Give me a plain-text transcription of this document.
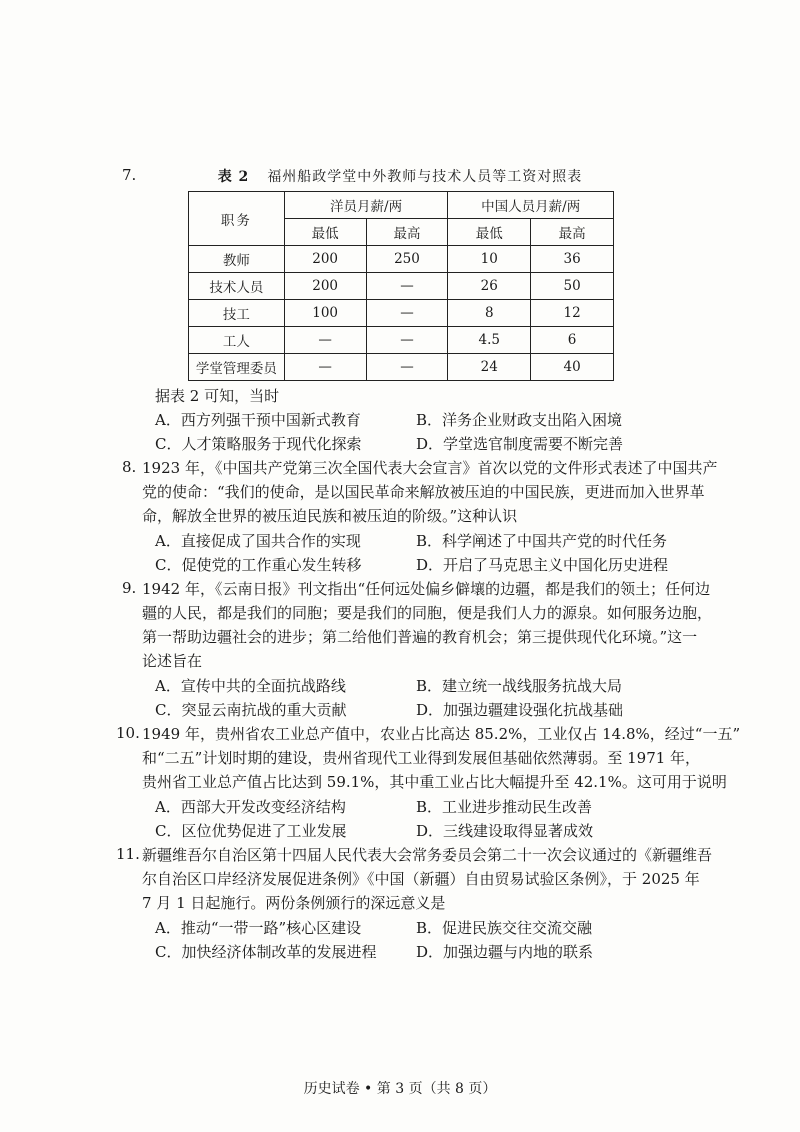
7.	表 2 福州船政学堂中外教师与技术人员等工资对照表
职务	洋员月薪/两		中国人员月薪/两	
	最低	最高	最低	最高
教师	200	250	10	36
技术人员	200	—	26	50
技工	100	—	8	12
工人	—	—	4.5	6
学堂管理委员	—	—	24	40
据表 2 可知，当时
A．西方列强干预中国新式教育	B．洋务企业财政支出陷入困境
C．人才策略服务于现代化探索	D．学堂选官制度需要不断完善
8. 1923 年，《中国共产党第三次全国代表大会宣言》首次以党的文件形式表述了中国共产
党的使命：“我们的使命，是以国民革命来解放被压迫的中国民族，更进而加入世界革
命，解放全世界的被压迫民族和被压迫的阶级。”这种认识
A．直接促成了国共合作的实现	B．科学阐述了中国共产党的时代任务
C．促使党的工作重心发生转移	D．开启了马克思主义中国化历史进程
9. 1942 年，《云南日报》刊文指出“任何远处偏乡僻壤的边疆，都是我们的领土；任何边
疆的人民，都是我们的同胞；要是我们的同胞，便是我们人力的源泉。如何服务边胞，
第一帮助边疆社会的进步；第二给他们普遍的教育机会；第三提供现代化环境。”这一
论述旨在
A．宣传中共的全面抗战路线	B．建立统一战线服务抗战大局
C．突显云南抗战的重大贡献	D．加强边疆建设强化抗战基础
10. 1949 年，贵州省农工业总产值中，农业占比高达 85.2%，工业仅占 14.8%，经过“一五”
和“二五”计划时期的建设，贵州省现代工业得到发展但基础依然薄弱。至 1971 年，
贵州省工业总产值占比达到 59.1%，其中重工业占比大幅提升至 42.1%。这可用于说明
A．西部大开发改变经济结构	B．工业进步推动民生改善
C．区位优势促进了工业发展	D．三线建设取得显著成效
11. 新疆维吾尔自治区第十四届人民代表大会常务委员会第二十一次会议通过的《新疆维吾
尔自治区口岸经济发展促进条例》《中国（新疆）自由贸易试验区条例》，于 2025 年
7 月 1 日起施行。两份条例颁行的深远意义是
A．推动“一带一路”核心区建设	B．促进民族交往交流交融
C．加快经济体制改革的发展进程	D．加强边疆与内地的联系
历史试卷 • 第 3 页（共 8 页）
